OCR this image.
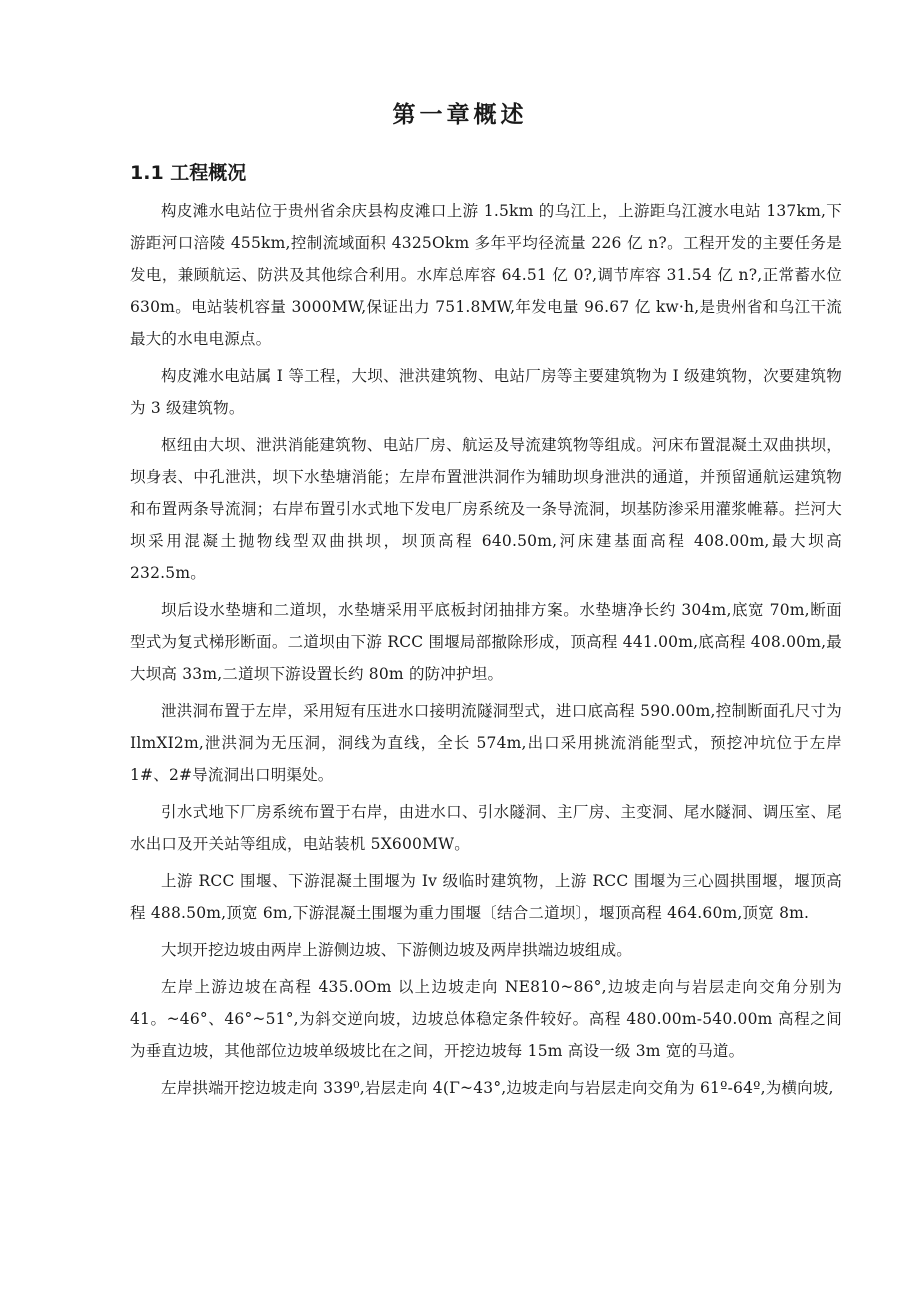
第一章概述
1.1 工程概况

构皮滩水电站位于贵州省余庆县构皮滩口上游 1.5km 的乌江上，上游距乌江渡水电站 137km,下游距河口涪陵 455km,控制流域面积 4325Okm 多年平均径流量 226 亿 n?。工程开发的主要任务是发电，兼顾航运、防洪及其他综合利用。水库总库容 64.51 亿 0?,调节库容 31.54 亿 n?,正常蓄水位 630m。电站装机容量 3000MW,保证出力 751.8MW,年发电量 96.67 亿 kw·h,是贵州省和乌江干流最大的水电电源点。

构皮滩水电站属 I 等工程，大坝、泄洪建筑物、电站厂房等主要建筑物为 I 级建筑物，次要建筑物为 3 级建筑物。

枢纽由大坝、泄洪消能建筑物、电站厂房、航运及导流建筑物等组成。河床布置混凝土双曲拱坝，坝身表、中孔泄洪，坝下水垫塘消能；左岸布置泄洪洞作为辅助坝身泄洪的通道，并预留通航运建筑物和布置两条导流洞；右岸布置引水式地下发电厂房系统及一条导流洞，坝基防渗采用灌浆帷幕。拦河大坝采用混凝土抛物线型双曲拱坝，坝顶高程 640.50m,河床建基面高程 408.00m,最大坝高 232.5m。

坝后设水垫塘和二道坝，水垫塘采用平底板封闭抽排方案。水垫塘净长约 304m,底宽 70m,断面型式为复式梯形断面。二道坝由下游 RCC 围堰局部撤除形成，顶高程 441.00m,底高程 408.00m,最大坝高 33m,二道坝下游设置长约 80m 的防冲护坦。

泄洪洞布置于左岸，采用短有压进水口接明流隧洞型式，进口底高程 590.00m,控制断面孔尺寸为 IlmXI2m,泄洪洞为无压洞，洞线为直线，全长 574m,出口采用挑流消能型式，预挖冲坑位于左岸 1#、2#导流洞出口明渠处。

引水式地下厂房系统布置于右岸，由进水口、引水隧洞、主厂房、主变洞、尾水隧洞、调压室、尾水出口及开关站等组成，电站装机 5X600MW。

上游 RCC 围堰、下游混凝土围堰为 Iv 级临时建筑物，上游 RCC 围堰为三心圆拱围堰，堰顶高程 488.50m,顶宽 6m,下游混凝土围堰为重力围堰〔结合二道坝〕，堰顶高程 464.60m,顶宽 8m.

大坝开挖边坡由两岸上游侧边坡、下游侧边坡及两岸拱端边坡组成。

左岸上游边坡在高程 435.0Om 以上边坡走向 NE810~86°,边坡走向与岩层走向交角分别为 41。~46°、46°~51°,为斜交逆向坡，边坡总体稳定条件较好。高程 480.00m-540.00m 高程之间为垂直边坡，其他部位边坡单级坡比在之间，开挖边坡每 15m 高设一级 3m 宽的马道。

左岸拱端开挖边坡走向 339⁰,岩层走向 4(Γ~43°,边坡走向与岩层走向交角为 61º-64º,为横向坡,
